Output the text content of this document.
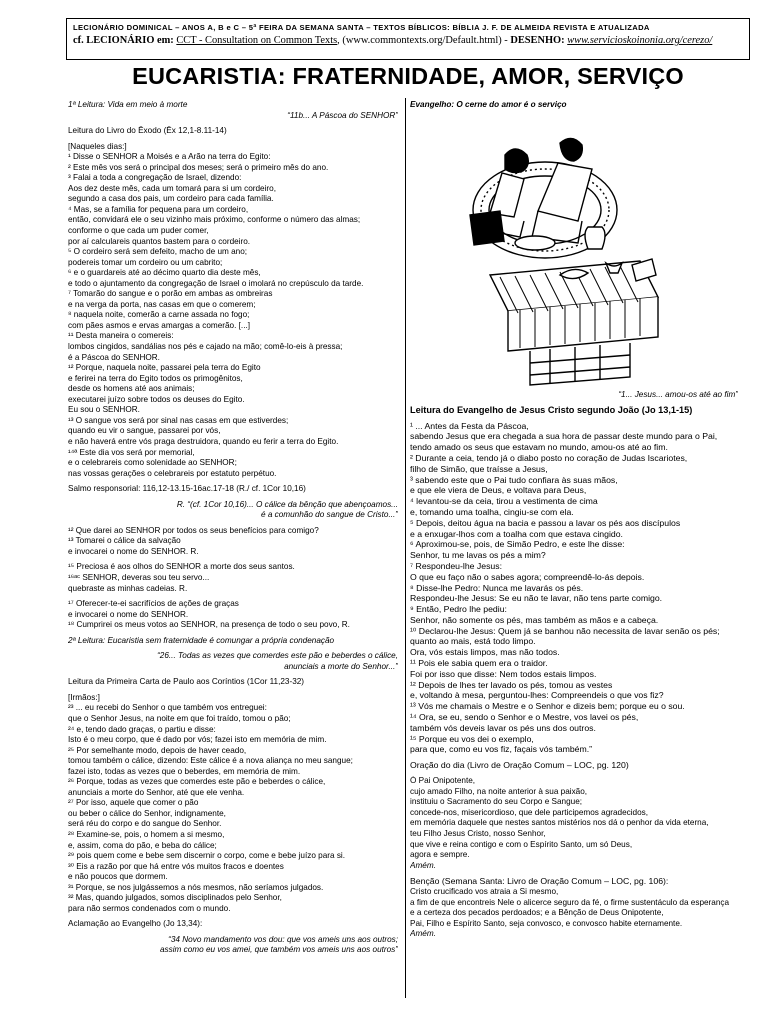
LECIONÁRIO DOMINICAL – ANOS A, B e C – 5ª FEIRA DA SEMANA SANTA – TEXTOS BÍBLICOS: BÍBLIA J. F. DE ALMEIDA REVISTA E ATUALIZADA
cf. LECIONÁRIO em: CCT - Consultation on Common Texts, (www.commontexts.org/Default.html) - DESENHO: www.servicioskoinonia.org/cerezo/
EUCARISTIA: FRATERNIDADE, AMOR, SERVIÇO
1ª Leitura: Vida em meio à morte
“11b... A Páscoa do SENHOR”
Leitura do Livro do Êxodo (Êx 12,1-8.11-14)
[Naqueles dias:]
¹ Disse o SENHOR a Moisés e a Arão na terra do Egito:
² Este mês vos será o principal dos meses; será o primeiro mês do ano.
³ Falai a toda a congregação de Israel, dizendo:
Aos dez deste mês, cada um tomará para si um cordeiro,
segundo a casa dos pais, um cordeiro para cada família.
⁴ Mas, se a família for pequena para um cordeiro,
então, convidará ele o seu vizinho mais próximo, conforme o número das almas;
conforme o que cada um puder comer,
por aí calculareis quantos bastem para o cordeiro.
⁵ O cordeiro será sem defeito, macho de um ano;
podereis tomar um cordeiro ou um cabrito;
⁶ e o guardareis até ao décimo quarto dia deste mês,
e todo o ajuntamento da congregação de Israel o imolará no crepúsculo da tarde.
⁷ Tomarão do sangue e o porão em ambas as ombreiras
e na verga da porta, nas casas em que o comerem;
⁸ naquela noite, comerão a carne assada no fogo;
com pães asmos e ervas amargas a comerão. [...]
¹¹ Desta maneira o comereis:
lombos cingidos, sandálias nos pés e cajado na mão; comê-lo-eis à pressa;
é a Páscoa do SENHOR.
¹² Porque, naquela noite, passarei pela terra do Egito
e ferirei na terra do Egito todos os primogênitos,
desde os homens até aos animais;
executarei juízo sobre todos os deuses do Egito.
Eu sou o SENHOR.
¹³ O sangue vos será por sinal nas casas em que estiverdes;
quando eu vir o sangue, passarei por vós,
e não haverá entre vós praga destruidora, quando eu ferir a terra do Egito.
¹⁴ª Este dia vos será por memorial,
e o celebrareis como solenidade ao SENHOR;
nas vossas gerações o celebrareis por estatuto perpétuo.
Salmo responsorial: 116,12-13.15-16ac.17-18 (R./ cf. 1Cor 10,16)
R. “(cf. 1Cor 10,16)... O cálice da bênção que abençoamos...
é a comunhão do sangue de Cristo...”
¹² Que darei ao SENHOR por todos os seus benefícios para comigo?
¹³ Tomarei o cálice da salvação
e invocarei o nome do SENHOR. R.
¹⁵ Preciosa é aos olhos do SENHOR a morte dos seus santos.
¹⁶ᵃᶜ SENHOR, deveras sou teu servo...
quebraste as minhas cadeias. R.
¹⁷ Oferecer-te-ei sacrifícios de ações de graças
e invocarei o nome do SENHOR.
¹⁸ Cumprirei os meus votos ao SENHOR, na presença de todo o seu povo, R.
2ª Leitura: Eucaristia sem fraternidade é comungar a própria condenação
“26... Todas as vezes que comerdes este pão e beberdes o cálice,
anunciais a morte do Senhor...”
Leitura da Primeira Carta de Paulo aos Coríntios (1Cor 11,23-32)
[Irmãos:]
²³ ... eu recebi do Senhor o que também vos entreguei:
que o Senhor Jesus, na noite em que foi traído, tomou o pão;
²⁴ e, tendo dado graças, o partiu e disse:
Isto é o meu corpo, que é dado por vós; fazei isto em memória de mim.
²⁵ Por semelhante modo, depois de haver ceado,
tomou também o cálice, dizendo: Este cálice é a nova aliança no meu sangue;
fazei isto, todas as vezes que o beberdes, em memória de mim.
²⁶ Porque, todas as vezes que comerdes este pão e beberdes o cálice,
anunciais a morte do Senhor, até que ele venha.
²⁷ Por isso, aquele que comer o pão
ou beber o cálice do Senhor, indignamente,
será réu do corpo e do sangue do Senhor.
²⁸ Examine-se, pois, o homem a si mesmo,
e, assim, coma do pão, e beba do cálice;
²⁹ pois quem come e bebe sem discernir o corpo, come e bebe juízo para si.
³⁰ Eis a razão por que há entre vós muitos fracos e doentes
e não poucos que dormem.
³¹ Porque, se nos julgássemos a nós mesmos, não seríamos julgados.
³² Mas, quando julgados, somos disciplinados pelo Senhor,
para não sermos condenados com o mundo.
Aclamação ao Evangelho (Jo 13,34):
“34 Novo mandamento vos dou: que vos ameis uns aos outros;
assim como eu vos amei, que também vos ameis uns aos outros”
Evangelho: O cerne do amor é o serviço
“1... Jesus... amou-os até ao fim”
Leitura do Evangelho de Jesus Cristo segundo João (Jo 13,1-15)
¹ ... Antes da Festa da Páscoa,
sabendo Jesus que era chegada a sua hora de passar deste mundo para o Pai,
tendo amado os seus que estavam no mundo, amou-os até ao fim.
² Durante a ceia, tendo já o diabo posto no coração de Judas Iscariotes,
filho de Simão, que traísse a Jesus,
³ sabendo este que o Pai tudo confiara às suas mãos,
e que ele viera de Deus, e voltava para Deus,
⁴ levantou-se da ceia, tirou a vestimenta de cima
e, tomando uma toalha, cingiu-se com ela.
⁵ Depois, deitou água na bacia e passou a lavar os pés aos discípulos
e a enxugar-lhos com a toalha com que estava cingido.
⁶ Aproximou-se, pois, de Simão Pedro, e este lhe disse:
Senhor, tu me lavas os pés a mim?
⁷ Respondeu-lhe Jesus:
O que eu faço não o sabes agora; compreendê-lo-ás depois.
⁸ Disse-lhe Pedro: Nunca me lavarás os pés.
Respondeu-lhe Jesus: Se eu não te lavar, não tens parte comigo.
⁹ Então, Pedro lhe pediu:
Senhor, não somente os pés, mas também as mãos e a cabeça.
¹⁰ Declarou-lhe Jesus: Quem já se banhou não necessita de lavar senão os pés;
quanto ao mais, está todo limpo.
Ora, vós estais limpos, mas não todos.
¹¹ Pois ele sabia quem era o traidor.
Foi por isso que disse: Nem todos estais limpos.
¹² Depois de lhes ter lavado os pés, tomou as vestes
e, voltando à mesa, perguntou-lhes: Compreendeis o que vos fiz?
¹³ Vós me chamais o Mestre e o Senhor e dizeis bem; porque eu o sou.
¹⁴ Ora, se eu, sendo o Senhor e o Mestre, vos lavei os pés,
também vós deveis lavar os pés uns dos outros.
¹⁵ Porque eu vos dei o exemplo,
para que, como eu vos fiz, façais vós também.”
Oração do dia (Livro de Oração Comum – LOC, pg. 120)
Ó Pai Onipotente,
cujo amado Filho, na noite anterior à sua paixão,
instituiu o Sacramento do seu Corpo e Sangue;
concede-nos, misericordioso, que dele participemos agradecidos,
em memória daquele que nestes santos mistérios nos dá o penhor da vida eterna,
teu Filho Jesus Cristo, nosso Senhor,
que vive e reina contigo e com o Espírito Santo, um só Deus,
agora e sempre.
Amém.
Benção (Semana Santa: Livro de Oração Comum – LOC, pg. 106):
Cristo crucificado vos atraia a Si mesmo,
a fim de que encontreis Nele o alicerce seguro da fé, o firme sustentáculo da esperança
e a certeza dos pecados perdoados; e a Bênção de Deus Onipotente,
Pai, Filho e Espírito Santo, seja convosco, e convosco habite eternamente.
Amém.
